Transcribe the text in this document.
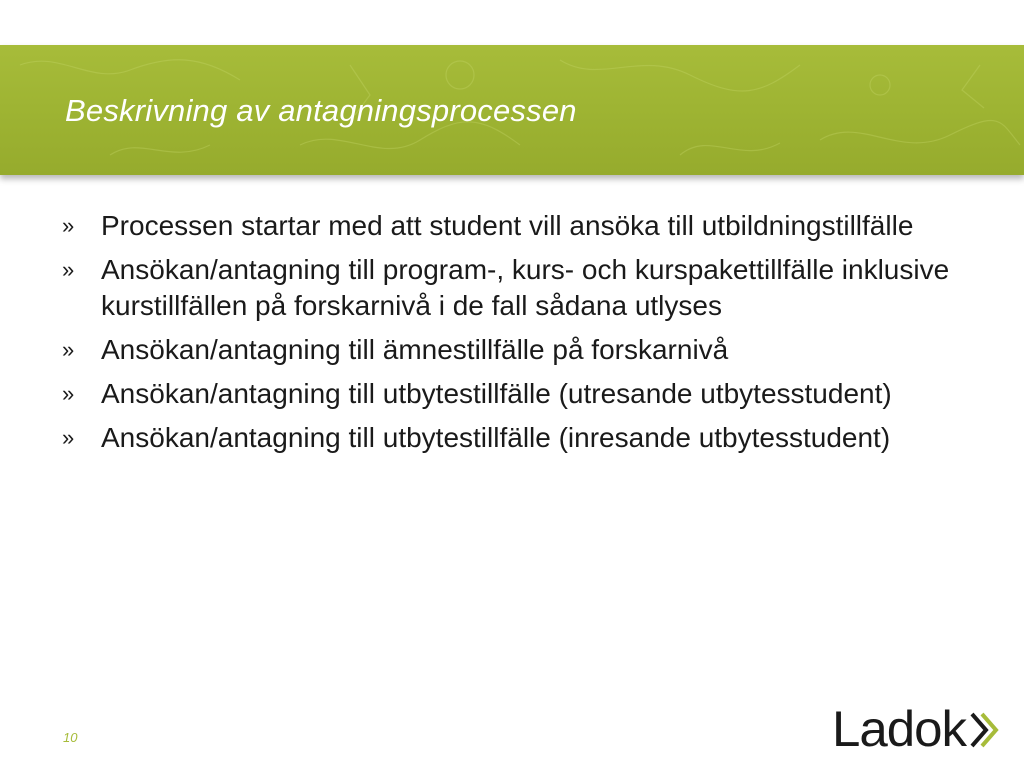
Beskrivning av antagningsprocessen
» Processen startar med att student vill ansöka till utbildningstillfälle
» Ansökan/antagning till program-, kurs- och kurspakettillfälle inklusive kurstillfällen på forskarnivå i de fall sådana utlyses
» Ansökan/antagning till ämnestillfälle på forskarnivå
» Ansökan/antagning till utbytestillfälle (utresande utbytesstudent)
» Ansökan/antagning till utbytestillfälle (inresande utbytesstudent)
10	Ladok
